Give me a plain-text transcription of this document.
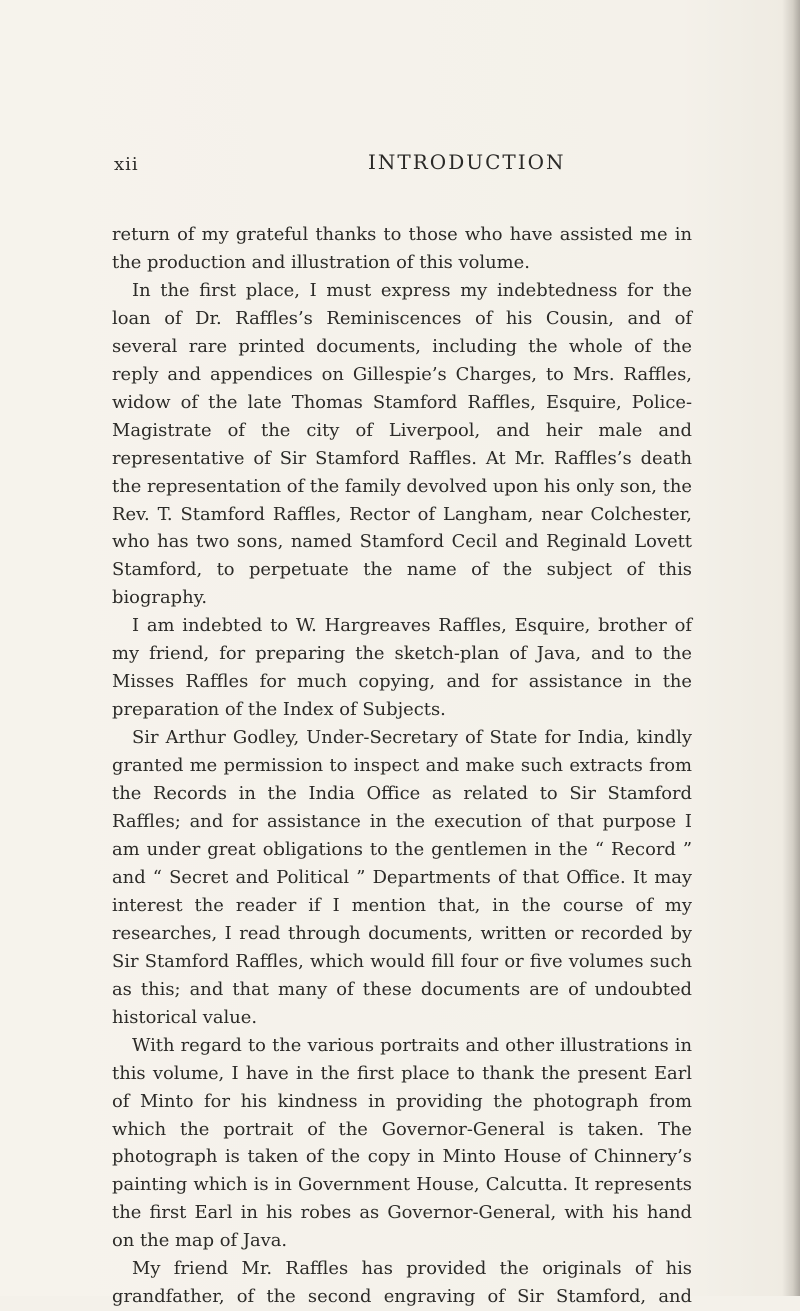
xii	INTRODUCTION

return of my grateful thanks to those who have assisted me in the production and illustration of this volume.

In the first place, I must express my indebtedness for the loan of Dr. Raffles’s Reminiscences of his Cousin, and of several rare printed documents, including the whole of the reply and appendices on Gillespie’s Charges, to Mrs. Raffles, widow of the late Thomas Stamford Raffles, Esquire, Police-Magistrate of the city of Liverpool, and heir male and representative of Sir Stamford Raffles. At Mr. Raffles’s death the representation of the family devolved upon his only son, the Rev. T. Stamford Raffles, Rector of Langham, near Colchester, who has two sons, named Stamford Cecil and Reginald Lovett Stamford, to perpetuate the name of the subject of this biography.

I am indebted to W. Hargreaves Raffles, Esquire, brother of my friend, for preparing the sketch-plan of Java, and to the Misses Raffles for much copying, and for assistance in the preparation of the Index of Subjects.

Sir Arthur Godley, Under-Secretary of State for India, kindly granted me permission to inspect and make such extracts from the Records in the India Office as related to Sir Stamford Raffles; and for assistance in the execution of that purpose I am under great obligations to the gentlemen in the “ Record ” and “ Secret and Political ” Departments of that Office. It may interest the reader if I mention that, in the course of my researches, I read through documents, written or recorded by Sir Stamford Raffles, which would fill four or five volumes such as this; and that many of these documents are of undoubted historical value.

With regard to the various portraits and other illustrations in this volume, I have in the first place to thank the present Earl of Minto for his kindness in providing the photograph from which the portrait of the Governor-General is taken. The photograph is taken of the copy in Minto House of Chinnery’s painting which is in Government House, Calcutta. It represents the first Earl in his robes as Governor-General, with his hand on the map of Java.

My friend Mr. Raffles has provided the originals of his grandfather, of the second engraving of Sir Stamford, and
